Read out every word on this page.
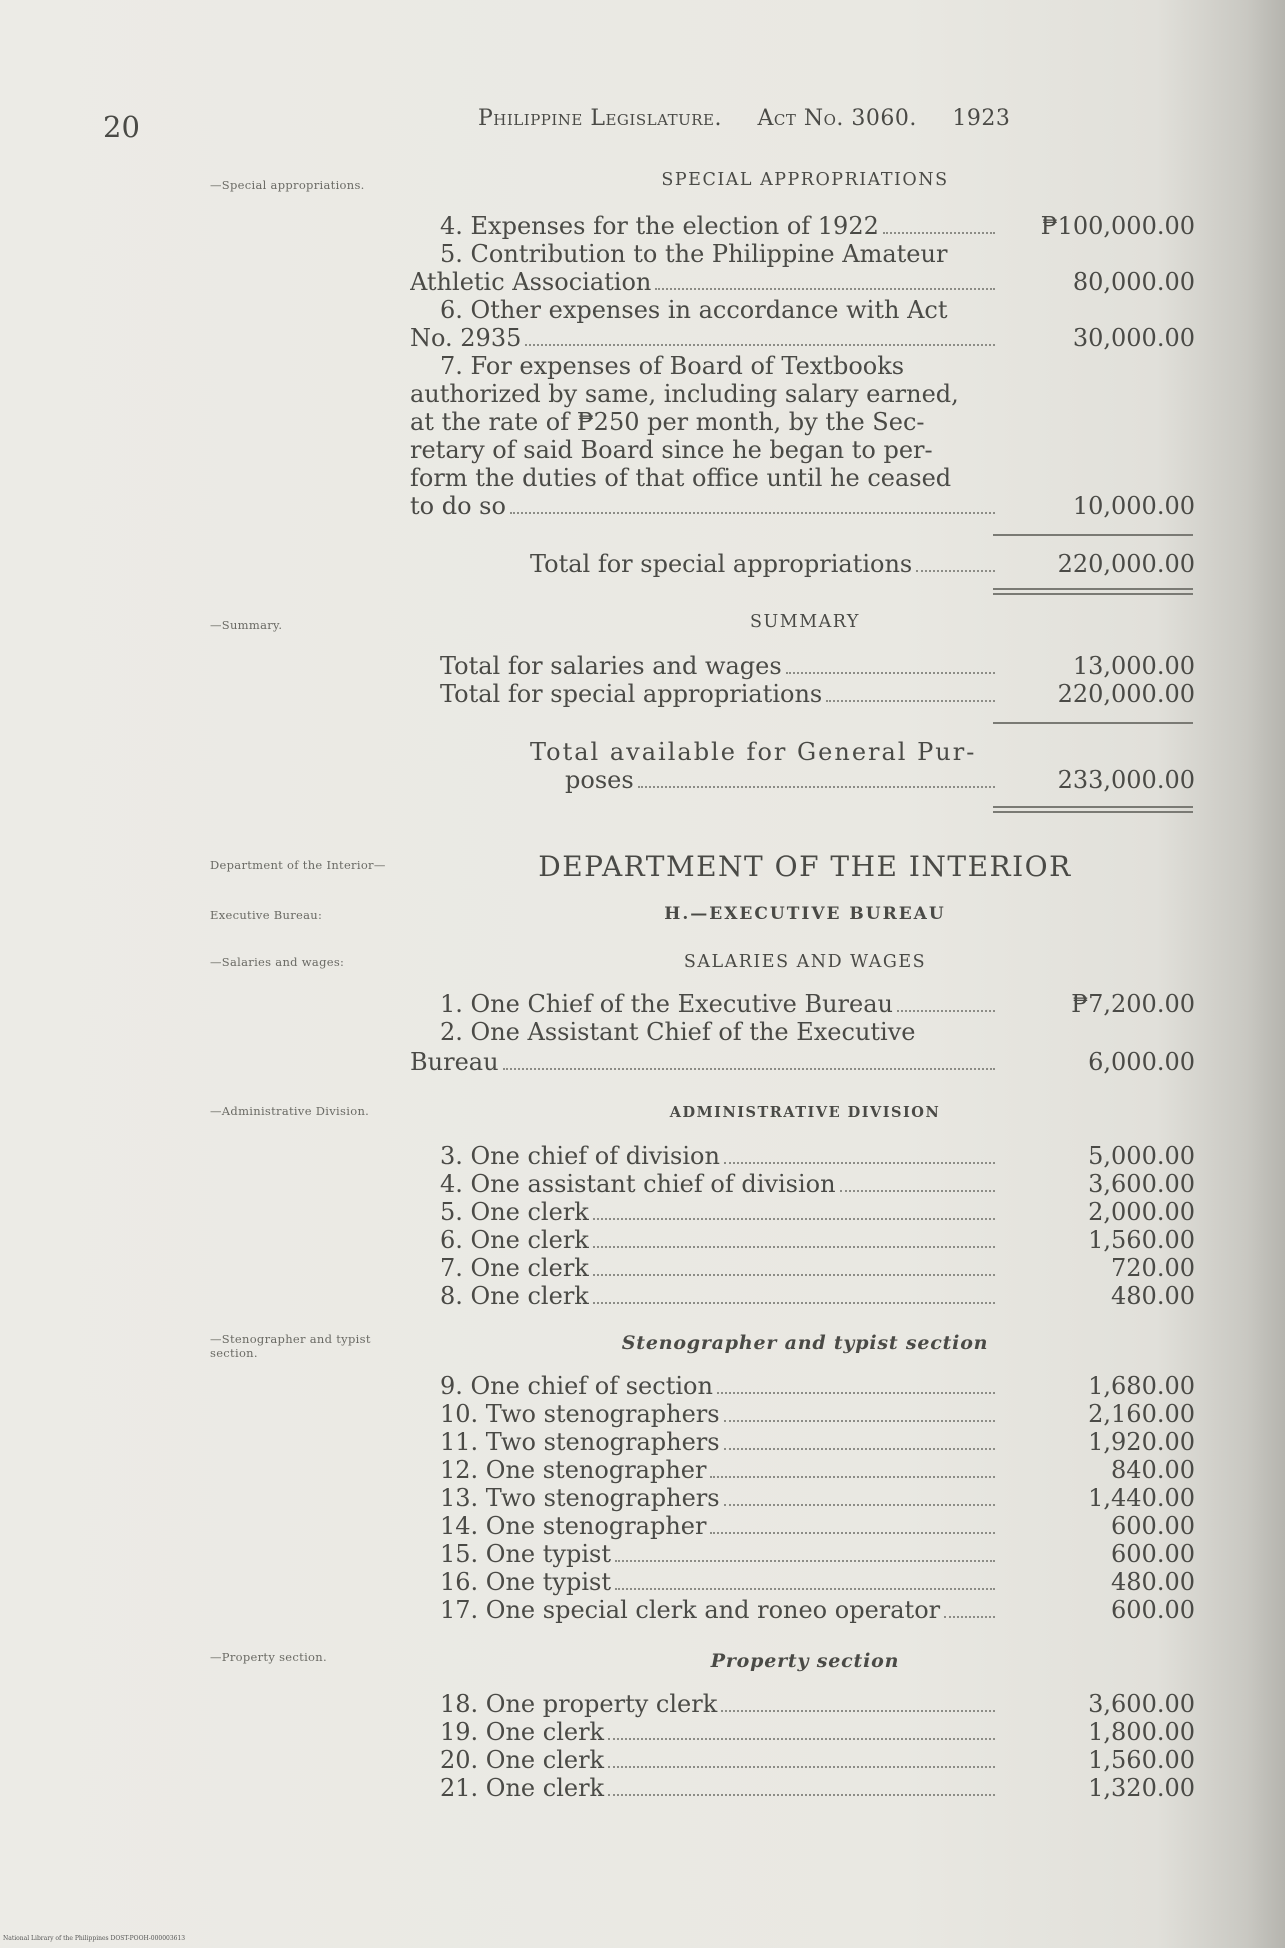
20	Philippine Legislature. Act No. 3060. 1923
—Special appropriations.
—Summary.
Department of the Interior—
Executive Bureau:
—Salaries and wages:
—Administrative Division.
—Stenographer and typist section.
—Property section.
SPECIAL APPROPRIATIONS
4. Expenses for the election of 1922	₱100,000.00
5. Contribution to the Philippine Amateur
Athletic Association	80,000.00
6. Other expenses in accordance with Act
No. 2935	30,000.00
7. For expenses of Board of Textbooks
authorized by same, including salary earned,
at the rate of ₱250 per month, by the Sec-
retary of said Board since he began to per-
form the duties of that office until he ceased
to do so	10,000.00
Total for special appropriations	220,000.00
SUMMARY
Total for salaries and wages	13,000.00
Total for special appropriations	220,000.00
Total available for General Pur-
poses	233,000.00
DEPARTMENT OF THE INTERIOR
H.—EXECUTIVE BUREAU
SALARIES AND WAGES
1. One Chief of the Executive Bureau	₱7,200.00
2. One Assistant Chief of the Executive
Bureau	6,000.00
ADMINISTRATIVE DIVISION
3. One chief of division	5,000.00
4. One assistant chief of division	3,600.00
5. One clerk	2,000.00
6. One clerk	1,560.00
7. One clerk	720.00
8. One clerk	480.00
Stenographer and typist section
9. One chief of section	1,680.00
10. Two stenographers	2,160.00
11. Two stenographers	1,920.00
12. One stenographer	840.00
13. Two stenographers	1,440.00
14. One stenographer	600.00
15. One typist	600.00
16. One typist	480.00
17. One special clerk and roneo operator	600.00
Property section
18. One property clerk	3,600.00
19. One clerk	1,800.00
20. One clerk	1,560.00
21. One clerk	1,320.00
National Library of the Philippines DOST-POOH-000003613
